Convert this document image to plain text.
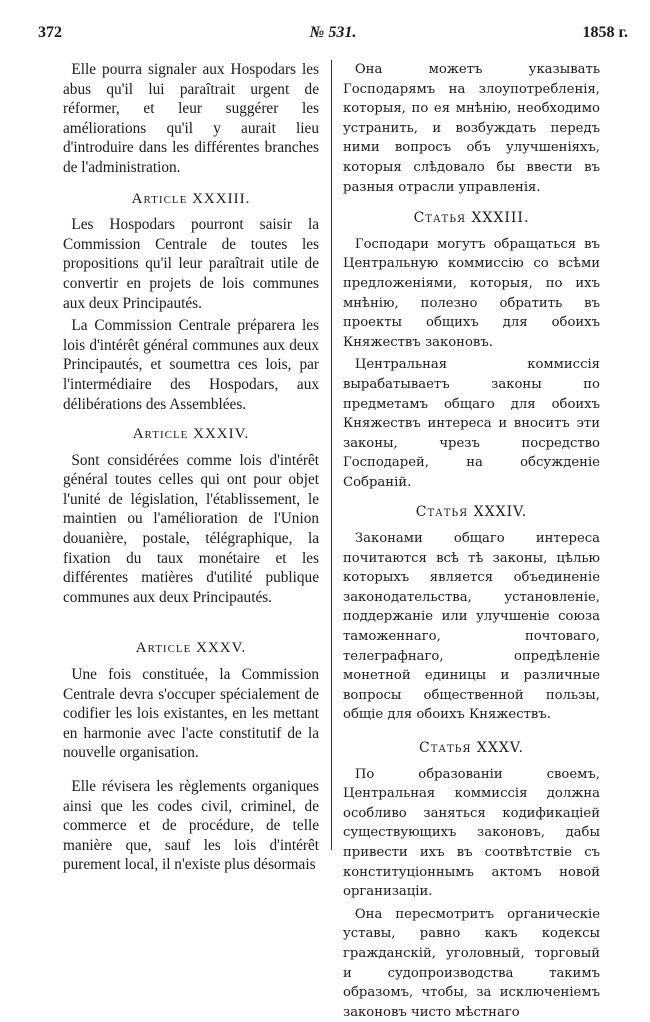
372	№ 531.	1858 г.

Elle pourra signaler aux Hospodars les abus qu'il lui paraîtrait urgent de réformer, et leur suggérer les améliorations qu'il y aurait lieu d'introduire dans les différentes branches de l'administration.

Article XXXIII.

Les Hospodars pourront saisir la Commission Centrale de toutes les propositions qu'il leur paraîtrait utile de convertir en projets de lois communes aux deux Principautés.

La Commission Centrale préparera les lois d'intérêt général communes aux deux Principautés, et soumettra ces lois, par l'intermédiaire des Hospodars, aux délibérations des Assemblées.

Article XXXIV.

Sont considérées comme lois d'intérêt général toutes celles qui ont pour objet l'unité de législation, l'établissement, le maintien ou l'amélioration de l'Union douanière, postale, télégraphique, la fixation du taux monétaire et les différentes matières d'utilité publique communes aux deux Principautés.

Article XXXV.

Une fois constituée, la Commission Centrale devra s'occuper spécialement de codifier les lois existantes, en les mettant en harmonie avec l'acte constitutif de la nouvelle organisation.

Elle révisera les règlements organiques ainsi que les codes civil, criminel, de commerce et de procédure, de telle manière que, sauf les lois d'intérêt purement local, il n'existe plus désormais

Она можетъ указывать Господарямъ на злоупотребленія, которыя, по ея мнѣнію, необходимо устранить, и возбуждать передъ ними вопросъ объ улучшеніяхъ, которыя слѣдовало бы ввести въ разныя отрасли управленія.

Статья XXXIII.

Господари могутъ обращаться въ Центральную коммиссію со всѣми предложеніями, которыя, по ихъ мнѣнію, полезно обратить въ проекты общихъ для обоихъ Княжествъ законовъ.

Центральная коммиссія вырабатываетъ законы по предметамъ общаго для обоихъ Княжествъ интереса и вноситъ эти законы, чрезъ посредство Господарей, на обсужденіе Собраній.

Статья XXXIV.

Законами общаго интереса почитаются всѣ тѣ законы, цѣлью которыхъ является объединеніе законодательства, установленіе, поддержаніе или улучшеніе союза таможеннаго, почтоваго, телеграфнаго, опредѣленіе монетной единицы и различные вопросы общественной пользы, общіе для обоихъ Княжествъ.

Статья XXXV.

По образованіи своемъ, Центральная коммиссія должна особливо заняться кодификаціей существующихъ законовъ, дабы привести ихъ въ соотвѣтствіе съ конституціоннымъ актомъ новой организаціи.

Она пересмотритъ органическіе уставы, равно какъ кодексы гражданскій, уголовный, торговый и судопроизводства такимъ образомъ, чтобы, за исключеніемъ законовъ чисто мѣстнаго
